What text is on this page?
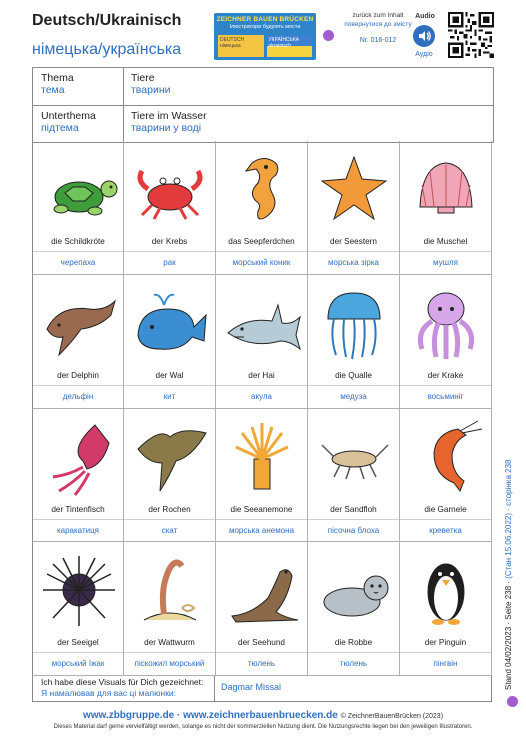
Deutsch/Ukrainisch
німецька/українська
ZEICHNER BAUEN BRÜCKEN
Ілюстратори будують мости
DEUTSCH німецька
УКРАЇНСЬКА ukrainisch
zurück zum Inhalt
повернутися до змісту
Nr. 016-012
Audio
Аудіо
Thema
тема
Tiere
тварини
Unterthema
підтема
Tiere im Wasser
тварини у воді
die Schildkröte
черепаха
der Krebs
рак
das Seepferdchen
морський коник
der Seestern
морська зірка
die Muschel
мушля
der Delphin
дельфін
der Wal
кит
der Hai
акула
die Qualle
медуза
der Krake
восьминіг
der Tintenfisch
каракатиця
der Rochen
скат
die Seeanemone
морська анемона
der Sandfloh
пісочна блоха
die Garnele
креветка
der Seeigel
морський їжак
der Wattwurm
піскожил морський
der Seehund
тюлень
die Robbe
тюлень
der Pinguin
пінгвін
Ich habe diese Visuals für Dich gezeichnet:
Я намалював для вас ці малюнки:
Dagmar Missal
www.zbbgruppe.de · www.zeichnerbauenbruecken.de © ZeichnerBauenBrücken (2023)
Dieses Material darf gerne vervielfältigt werden, solange es nicht der kommerziellen Nutzung dient. Die Nutzungsrechte liegen bei den jeweiligen Illustratoren.
Stand 04/02/2023 · Seite 238 · (Стан 15.06.2022) · сторінка 238
